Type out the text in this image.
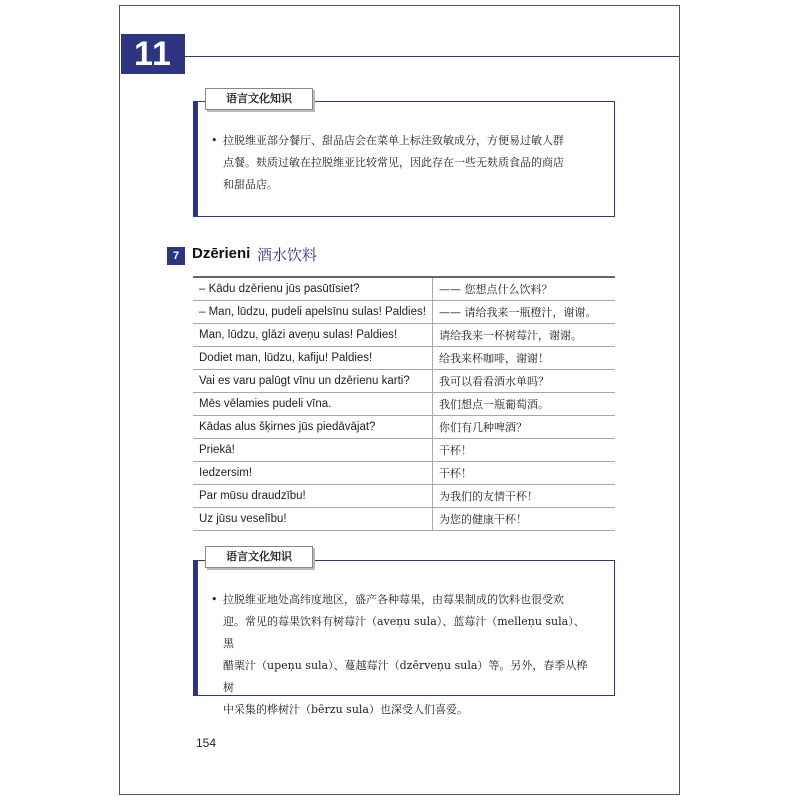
11
• 拉脱维亚部分餐厅、甜品店会在菜单上标注致敏成分，方便易过敏人群
点餐。麸质过敏在拉脱维亚比较常见，因此存在一些无麸质食品的商店
和甜品店。
语言文化知识
7 Dzērieni 酒水饮料
– Kādu dzērienu jūs pasūtīsiet?	—— 您想点什么饮料？
– Man, lūdzu, pudeli apelsīnu sulas! Paldies!	—— 请给我来一瓶橙汁，谢谢。
Man, lūdzu, glāzi aveņu sulas! Paldies!	请给我来一杯树莓汁，谢谢。
Dodiet man, lūdzu, kafiju! Paldies!	给我来杯咖啡，谢谢！
Vai es varu palūgt vīnu un dzērienu karti?	我可以看看酒水单吗？
Mēs vēlamies pudeli vīna.	我们想点一瓶葡萄酒。
Kādas alus šķirnes jūs piedāvājat?	你们有几种啤酒？
Priekā!	干杯！
Iedzersim!	干杯！
Par mūsu draudzību!	为我们的友情干杯！
Uz jūsu veselību!	为您的健康干杯！
• 拉脱维亚地处高纬度地区，盛产各种莓果，由莓果制成的饮料也很受欢
迎。常见的莓果饮料有树莓汁（aveņu sula）、蓝莓汁（melleņu sula）、黑
醋栗汁（upeņu sula）、蔓越莓汁（dzērveņu sula）等。另外，春季从桦树
中采集的桦树汁（bērzu sula）也深受人们喜爱。
语言文化知识
154
